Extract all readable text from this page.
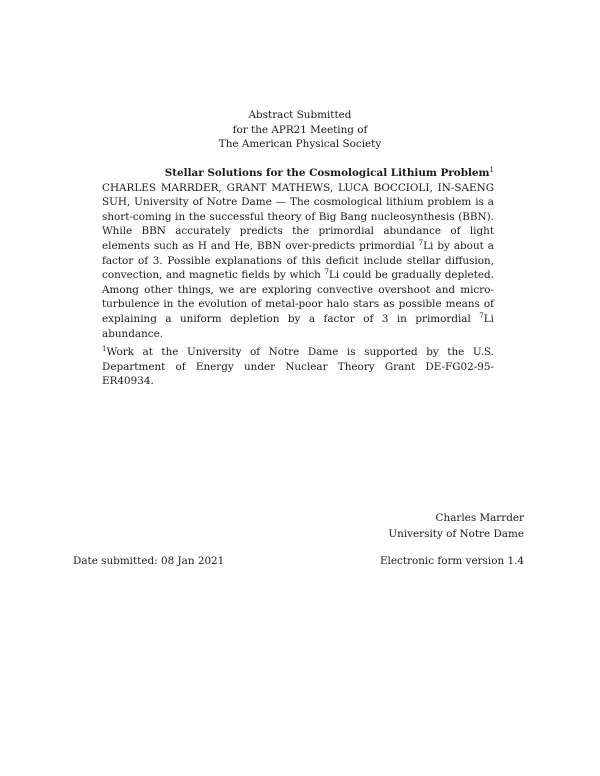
Abstract Submitted
for the APR21 Meeting of
The American Physical Society
Stellar Solutions for the Cosmological Lithium Problem$^1$
CHARLES MARRDER, GRANT MATHEWS, LUCA BOCCIOLI, IN-SAENG SUH, University of Notre Dame — The cosmological lithium problem is a short-coming in the successful theory of Big Bang nucleosynthesis (BBN). While BBN accurately predicts the primordial abundance of light elements such as H and He, BBN over-predicts primordial $^7$Li by about a factor of 3. Possible explanations of this deficit include stellar diffusion, convection, and magnetic fields by which $^7$Li could be gradually depleted. Among other things, we are exploring convective overshoot and micro-turbulence in the evolution of metal-poor halo stars as possible means of explaining a uniform depletion by a factor of 3 in primordial $^7$Li abundance.
$^1$Work at the University of Notre Dame is supported by the U.S. Department of Energy under Nuclear Theory Grant DE-FG02-95-ER40934.
Charles Marrder
University of Notre Dame
Date submitted: 08 Jan 2021	Electronic form version 1.4
